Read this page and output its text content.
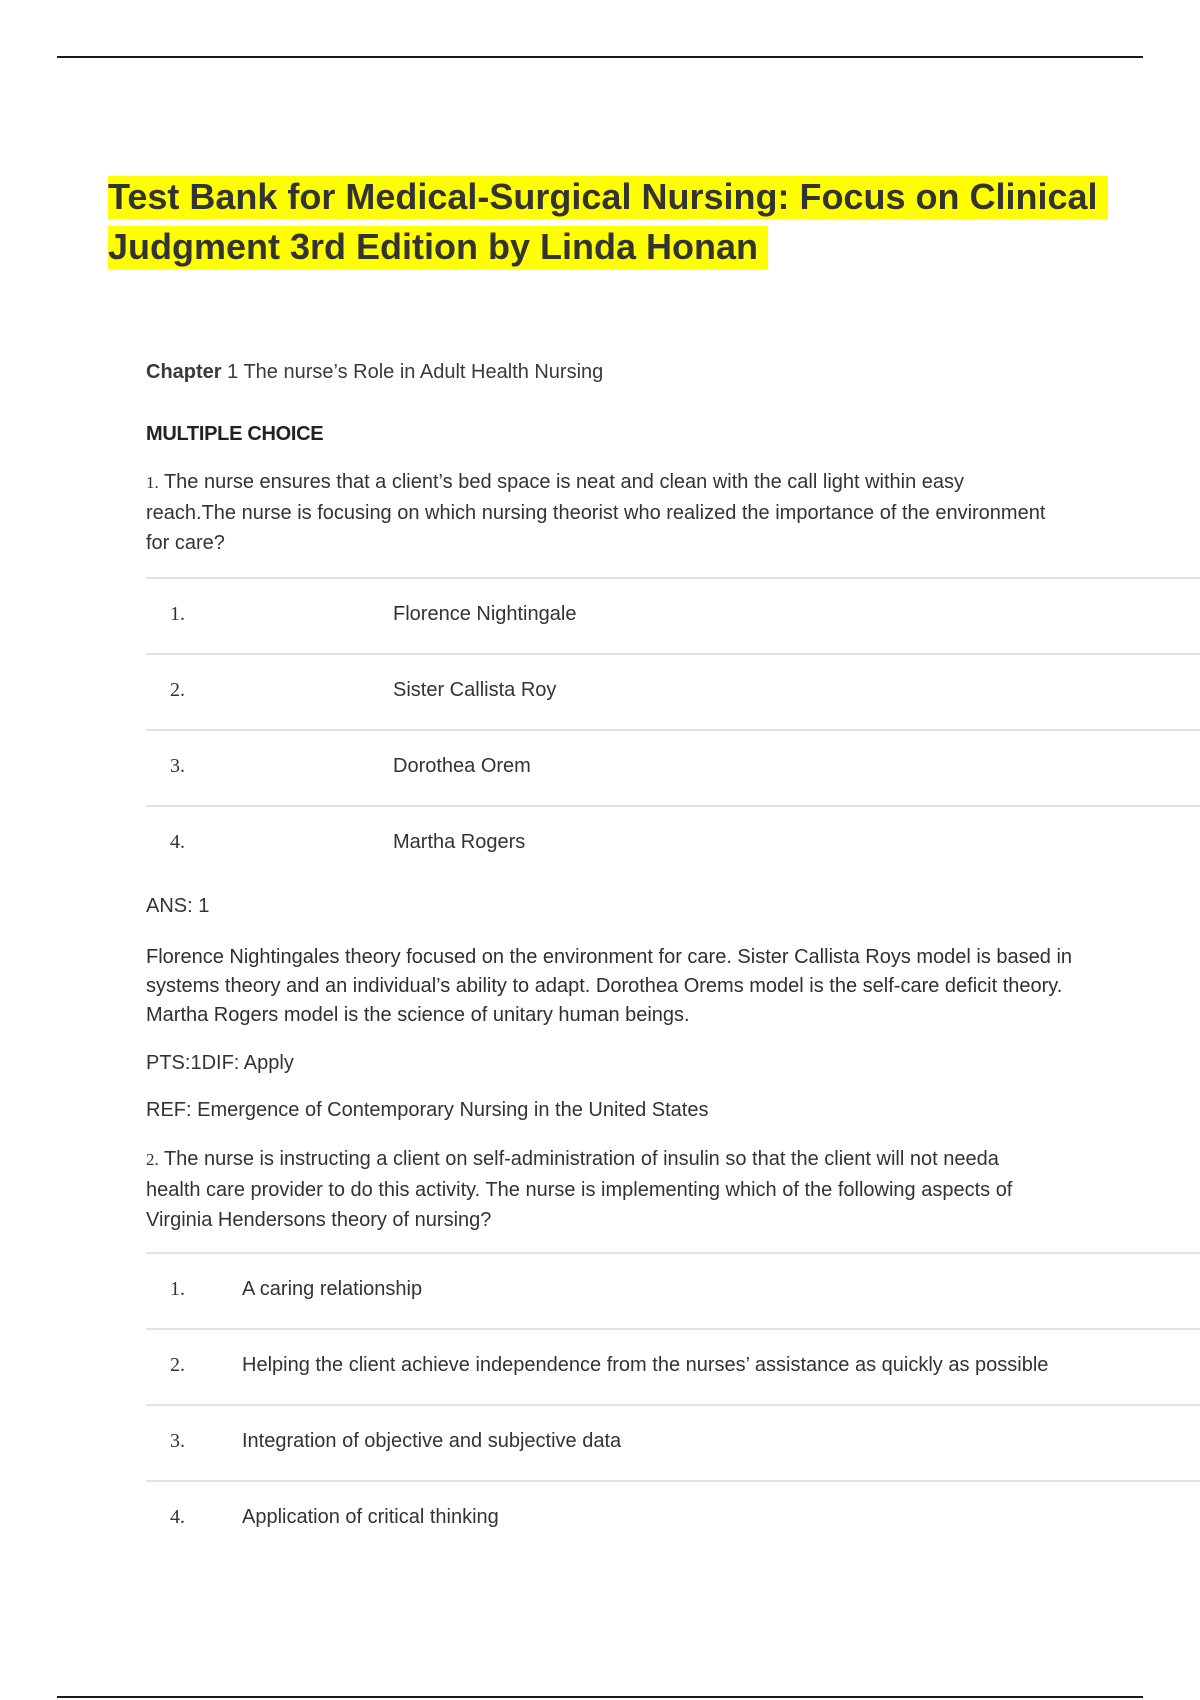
Test Bank for Medical-Surgical Nursing: Focus on Clinical
Judgment 3rd Edition by Linda Honan
Chapter 1 The nurse’s Role in Adult Health Nursing
MULTIPLE CHOICE
1. The nurse ensures that a client’s bed space is neat and clean with the call light within easy reach.The nurse is focusing on which nursing theorist who realized the importance of the environment for care?
1.	Florence Nightingale
2.	Sister Callista Roy
3.	Dorothea Orem
4.	Martha Rogers
ANS: 1
Florence Nightingales theory focused on the environment for care. Sister Callista Roys model is based in systems theory and an individual’s ability to adapt. Dorothea Orems model is the self-care deficit theory. Martha Rogers model is the science of unitary human beings.
PTS:1DIF: Apply
REF: Emergence of Contemporary Nursing in the United States
2. The nurse is instructing a client on self-administration of insulin so that the client will not needa health care provider to do this activity. The nurse is implementing which of the following aspects of Virginia Hendersons theory of nursing?
1.	A caring relationship
2.	Helping the client achieve independence from the nurses’ assistance as quickly as possible
3.	Integration of objective and subjective data
4.	Application of critical thinking
